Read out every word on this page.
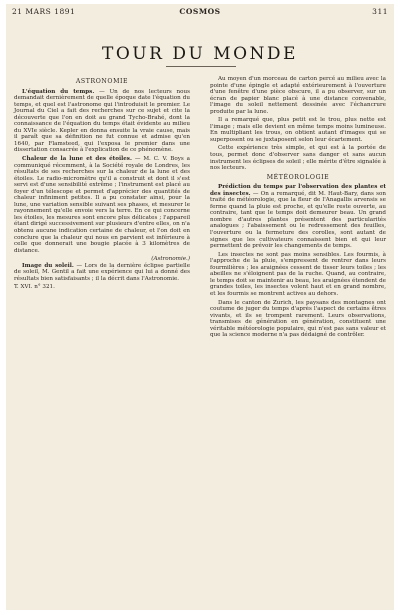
21 MARS 1891	COSMOS	311
TOUR DU MONDE
ASTRONOMIE

L'équation du temps. — Un de nos lecteurs nous demandait dernièrement de quelle époque date l'équation du temps, et quel est l'astronome qui l'introduisit le premier. Le Journal du Ciel a fait des recherches sur ce sujet et cite la découverte que l'on en doit au grand Tycho-Brahé, dont la connaissance de l'équation du temps était évidente au milieu du XVIe siècle. Kepler en donna ensuite la vraie cause, mais il paraît que sa définition ne fut connue et admise qu'en 1640, par Flamsteed, qui l'exposa le premier dans une dissertation consacrée à l'explication de ce phénomène.

Chaleur de la lune et des étoiles. — M. C. V. Boys a communiqué récemment, à la Société royale de Londres, les résultats de ses recherches sur la chaleur de la lune et des étoiles. Le radio-micromètre qu'il a construit et dont il s'est servi est d'une sensibilité extrême ; l'instrument est placé au foyer d'un télescope et permet d'apprécier des quantités de chaleur infiniment petites. Il a pu constater ainsi, pour la lune, une variation sensible suivant ses phases, et mesurer le rayonnement qu'elle envoie vers la terre. En ce qui concerne les étoiles, les mesures sont encore plus délicates ; l'appareil étant dirigé successivement sur plusieurs d'entre elles, on n'a obtenu aucune indication certaine de chaleur, et l'on doit en conclure que la chaleur qui nous en parvient est inférieure à celle que donnerait une bougie placée à 3 kilomètres de distance.

(Astronomie.)

Image du soleil. — Lors de la dernière éclipse partielle de soleil, M. Gentil a fait une expérience qui lui a donné des résultats bien satisfaisants ; il la décrit dans l'Astronomie.

T. XVI. n° 321.

Au moyen d'un morceau de carton percé au milieu avec la pointe d'une épingle et adapté extérieurement à l'ouverture d'une fenêtre d'une pièce obscure, il a pu observer, sur un écran de papier blanc placé à une distance convenable, l'image du soleil nettement dessinée avec l'échancrure produite par la lune.

Il a remarqué que, plus petit est le trou, plus nette est l'image ; mais elle devient en même temps moins lumineuse. En multipliant les trous, on obtient autant d'images qui se superposent ou se juxtaposent selon leur écartement.

Cette expérience très simple, et qui est à la portée de tous, permet donc d'observer sans danger et sans aucun instrument les éclipses de soleil ; elle mérite d'être signalée à nos lecteurs.

MÉTÉOROLOGIE

Prédiction du temps par l'observation des plantes et des insectes. — On a remarqué, dit M. Haut-Bary, dans son traité de météorologie, que la fleur de l'Anagallis arvensis se ferme quand la pluie est proche, et qu'elle reste ouverte, au contraire, tant que le temps doit demeurer beau. Un grand nombre d'autres plantes présentent des particularités analogues ; l'abaissement ou le redressement des feuilles, l'ouverture ou la fermeture des corolles, sont autant de signes que les cultivateurs connaissent bien et qui leur permettent de prévoir les changements de temps.

Les insectes ne sont pas moins sensibles. Les fourmis, à l'approche de la pluie, s'empressent de rentrer dans leurs fourmilières ; les araignées cessent de tisser leurs toiles ; les abeilles ne s'éloignent pas de la ruche. Quand, au contraire, le temps doit se maintenir au beau, les araignées étendent de grandes toiles, les insectes volent haut et en grand nombre, et les fourmis se montrent actives au dehors.

Dans le canton de Zurich, les paysans des montagnes ont coutume de juger du temps d'après l'aspect de certains êtres vivants, et ils se trompent rarement. Leurs observations, transmises de génération en génération, constituent une véritable météorologie populaire, qui n'est pas sans valeur et que la science moderne n'a pas dédaigné de contrôler.
